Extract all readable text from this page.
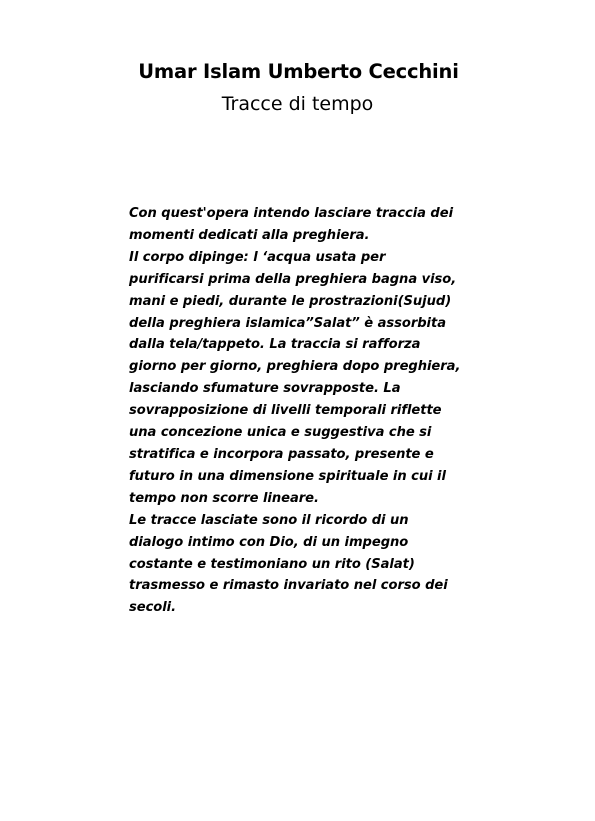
Umar Islam Umberto Cecchini
Tracce di tempo
Con quest'opera intendo lasciare traccia dei
momenti dedicati alla preghiera.
Il corpo dipinge: l ‘acqua usata per
purificarsi prima della preghiera bagna viso,
mani e piedi, durante le prostrazioni(Sujud)
della preghiera islamica”Salat” è assorbita
dalla tela/tappeto. La traccia si rafforza
giorno per giorno, preghiera dopo preghiera,
lasciando sfumature sovrapposte. La
sovrapposizione di livelli temporali riflette
una concezione unica e suggestiva che si
stratifica e incorpora passato, presente e
futuro in una dimensione spirituale in cui il
tempo non scorre lineare.
Le tracce lasciate sono il ricordo di un
dialogo intimo con Dio, di un impegno
costante e testimoniano un rito (Salat)
trasmesso e rimasto invariato nel corso dei
secoli.
